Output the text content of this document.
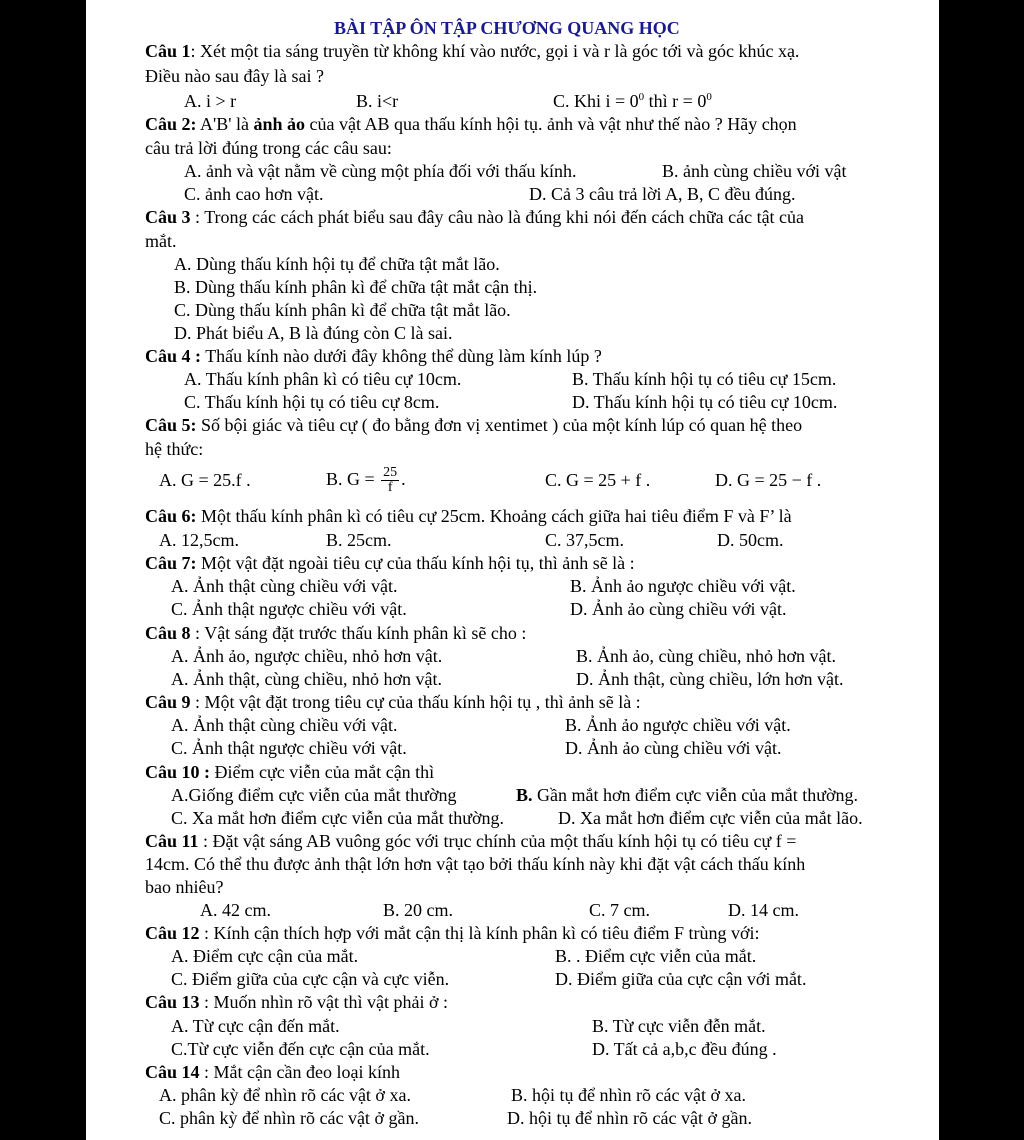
BÀI TẬP ÔN TẬP CHƯƠNG QUANG HỌC
Câu 1: Xét một tia sáng truyền từ không khí vào nước, gọi i và r là góc tới và góc khúc xạ.
Điều nào sau đây là sai ?
A. i > r	B. i<r	C. Khi $i = 0^0$ thì $r = 0^0$
Câu 2: A'B' là ảnh ảo của vật AB qua thấu kính hội tụ. ảnh và vật như thế nào ? Hãy chọn
câu trả lời đúng trong các câu sau:
A. ảnh và vật nằm về cùng một phía đối với thấu kính.	B. ảnh cùng chiều với vật
C. ảnh cao hơn vật.	D. Cả 3 câu trả lời A, B, C đều đúng.
Câu 3 : Trong các cách phát biểu sau đây câu nào là đúng khi nói đến cách chữa các tật của
mắt.
A. Dùng thấu kính hội tụ để chữa tật mắt lão.
B. Dùng thấu kính phân kì để chữa tật mắt cận thị.
C. Dùng thấu kính phân kì để chữa tật mắt lão.
D. Phát biểu A, B là đúng còn C là sai.
Câu 4 : Thấu kính nào dưới đây không thể dùng làm kính lúp ?
A. Thấu kính phân kì có tiêu cự 10cm.	B. Thấu kính hội tụ có tiêu cự 15cm.
C. Thấu kính hội tụ có tiêu cự 8cm.	D. Thấu kính hội tụ có tiêu cự 10cm.
Câu 5: Số bội giác và tiêu cự ( đo bằng đơn vị xentimet ) của một kính lúp có quan hệ theo
hệ thức:
A. G = 25.f .	B. $G = \frac{25}{f}$ .	C. G = 25 + f .	D. G = 25 − f .
Câu 6: Một thấu kính phân kì có tiêu cự 25cm. Khoảng cách giữa hai tiêu điểm F và F’ là
A. 12,5cm.	B. 25cm.	C. 37,5cm.	D. 50cm.
Câu 7: Một vật đặt ngoài tiêu cự của thấu kính hội tụ, thì ảnh sẽ là :
A. Ảnh thật cùng chiều với vật.	B. Ảnh ảo ngược chiều với vật.
C. Ảnh thật ngược chiều với vật.	D. Ảnh ảo cùng chiều với vật.
Câu 8 : Vật sáng đặt trước thấu kính phân kì sẽ cho :
A. Ảnh ảo, ngược chiều, nhỏ hơn vật.	B. Ảnh ảo, cùng chiều, nhỏ hơn vật.
A. Ảnh thật, cùng chiều, nhỏ hơn vật.	D. Ảnh thật, cùng chiều, lớn hơn vật.
Câu 9 : Một vật đặt trong tiêu cự của thấu kính hội tụ , thì ảnh sẽ là :
A. Ảnh thật cùng chiều với vật.	B. Ảnh ảo ngược chiều với vật.
C. Ảnh thật ngược chiều với vật.	D. Ảnh ảo cùng chiều với vật.
Câu 10 : Điểm cực viễn của mắt cận thì
A.Giống điểm cực viễn của mắt thường	B. Gần mắt hơn điểm cực viễn của mắt thường.
C. Xa mắt hơn điểm cực viễn của mắt thường.	D. Xa mắt hơn điểm cực viễn của mắt lão.
Câu 11 : Đặt vật sáng AB vuông góc với trục chính của một thấu kính hội tụ có tiêu cự f =
14cm. Có thể thu được ảnh thật lớn hơn vật tạo bởi thấu kính này khi đặt vật cách thấu kính
bao nhiêu?
A. 42 cm.	B. 20 cm.	C. 7 cm.	D. 14 cm.
Câu 12 : Kính cận thích hợp với mắt cận thị là kính phân kì có tiêu điểm F trùng với:
A. Điểm cực cận của mắt.	B. . Điểm cực viễn của mắt.
C. Điểm giữa của cực cận và cực viễn.	D. Điểm giữa của cực cận với mắt.
Câu 13 : Muốn nhìn rõ vật thì vật phải ở :
A. Từ cực cận đến mắt.	B. Từ cực viễn đễn mắt.
C.Từ cực viễn đến cực cận của mắt.	D. Tất cả a,b,c đều đúng .
Câu 14 : Mắt cận cần đeo loại kính
A. phân kỳ để nhìn rõ các vật ở xa.	B. hội tụ để nhìn rõ các vật ở xa.
C. phân kỳ để nhìn rõ các vật ở gần.	D. hội tụ để nhìn rõ các vật ở gần.
